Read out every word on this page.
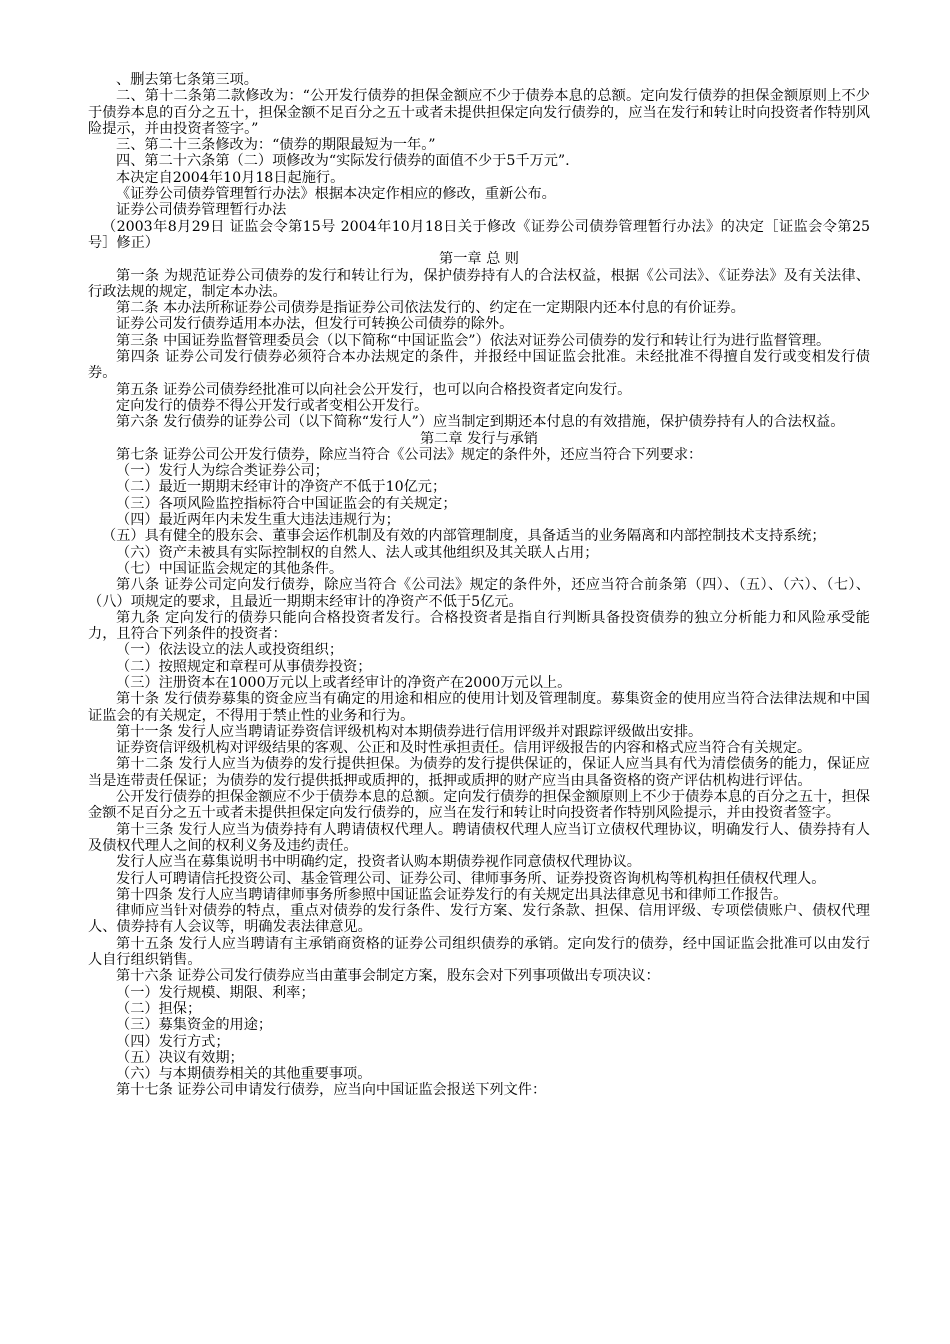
、删去第七条第三项。

二、第十二条第二款修改为：“公开发行债券的担保金额应不少于债券本息的总额。定向发行债券的担保金额原则上不少于债券本息的百分之五十，担保金额不足百分之五十或者未提供担保定向发行债券的，应当在发行和转让时向投资者作特别风险提示，并由投资者签字。”

三、第二十三条修改为：“债券的期限最短为一年。”

四、第二十六条第（二）项修改为“实际发行债券的面值不少于5千万元”.

本决定自2004年10月18日起施行。

《证券公司债券管理暂行办法》根据本决定作相应的修改，重新公布。

证券公司债券管理暂行办法

（2003年8月29日 证监会令第15号 2004年10月18日关于修改《证券公司债券管理暂行办法》的决定［证监会令第25号］修正）

第一章 总 则

第一条 为规范证券公司债券的发行和转让行为，保护债券持有人的合法权益，根据《公司法》、《证券法》及有关法律、行政法规的规定，制定本办法。

第二条 本办法所称证券公司债券是指证券公司依法发行的、约定在一定期限内还本付息的有价证券。

证券公司发行债券适用本办法，但发行可转换公司债券的除外。

第三条 中国证券监督管理委员会（以下简称“中国证监会”）依法对证券公司债券的发行和转让行为进行监督管理。

第四条 证券公司发行债券必须符合本办法规定的条件，并报经中国证监会批准。未经批准不得擅自发行或变相发行债券。

第五条 证券公司债券经批准可以向社会公开发行，也可以向合格投资者定向发行。

定向发行的债券不得公开发行或者变相公开发行。

第六条 发行债券的证券公司（以下简称“发行人”）应当制定到期还本付息的有效措施，保护债券持有人的合法权益。

第二章 发行与承销

第七条 证券公司公开发行债券，除应当符合《公司法》规定的条件外，还应当符合下列要求：

（一）发行人为综合类证券公司；

（二）最近一期期末经审计的净资产不低于10亿元；

（三）各项风险监控指标符合中国证监会的有关规定；

（四）最近两年内未发生重大违法违规行为；

（五）具有健全的股东会、董事会运作机制及有效的内部管理制度，具备适当的业务隔离和内部控制技术支持系统；

（六）资产未被具有实际控制权的自然人、法人或其他组织及其关联人占用；

（七）中国证监会规定的其他条件。

第八条 证券公司定向发行债券，除应当符合《公司法》规定的条件外，还应当符合前条第（四）、（五）、（六）、（七）、（八）项规定的要求，且最近一期期末经审计的净资产不低于5亿元。

第九条 定向发行的债券只能向合格投资者发行。合格投资者是指自行判断具备投资债券的独立分析能力和风险承受能力，且符合下列条件的投资者：

（一）依法设立的法人或投资组织；

（二）按照规定和章程可从事债券投资；

（三）注册资本在1000万元以上或者经审计的净资产在2000万元以上。

第十条 发行债券募集的资金应当有确定的用途和相应的使用计划及管理制度。募集资金的使用应当符合法律法规和中国证监会的有关规定，不得用于禁止性的业务和行为。

第十一条 发行人应当聘请证券资信评级机构对本期债券进行信用评级并对跟踪评级做出安排。

证券资信评级机构对评级结果的客观、公正和及时性承担责任。信用评级报告的内容和格式应当符合有关规定。

第十二条 发行人应当为债券的发行提供担保。为债券的发行提供保证的，保证人应当具有代为清偿债务的能力，保证应当是连带责任保证；为债券的发行提供抵押或质押的，抵押或质押的财产应当由具备资格的资产评估机构进行评估。

公开发行债券的担保金额应不少于债券本息的总额。定向发行债券的担保金额原则上不少于债券本息的百分之五十，担保金额不足百分之五十或者未提供担保定向发行债券的，应当在发行和转让时向投资者作特别风险提示，并由投资者签字。

第十三条 发行人应当为债券持有人聘请债权代理人。聘请债权代理人应当订立债权代理协议，明确发行人、债券持有人及债权代理人之间的权利义务及违约责任。

发行人应当在募集说明书中明确约定，投资者认购本期债券视作同意债权代理协议。

发行人可聘请信托投资公司、基金管理公司、证券公司、律师事务所、证券投资咨询机构等机构担任债权代理人。

第十四条 发行人应当聘请律师事务所参照中国证监会证券发行的有关规定出具法律意见书和律师工作报告。

律师应当针对债券的特点，重点对债券的发行条件、发行方案、发行条款、担保、信用评级、专项偿债账户、债权代理人、债券持有人会议等，明确发表法律意见。

第十五条 发行人应当聘请有主承销商资格的证券公司组织债券的承销。定向发行的债券，经中国证监会批准可以由发行人自行组织销售。

第十六条 证券公司发行债券应当由董事会制定方案，股东会对下列事项做出专项决议：

（一）发行规模、期限、利率；

（二）担保；

（三）募集资金的用途；

（四）发行方式；

（五）决议有效期；

（六）与本期债券相关的其他重要事项。

第十七条 证券公司申请发行债券，应当向中国证监会报送下列文件：
